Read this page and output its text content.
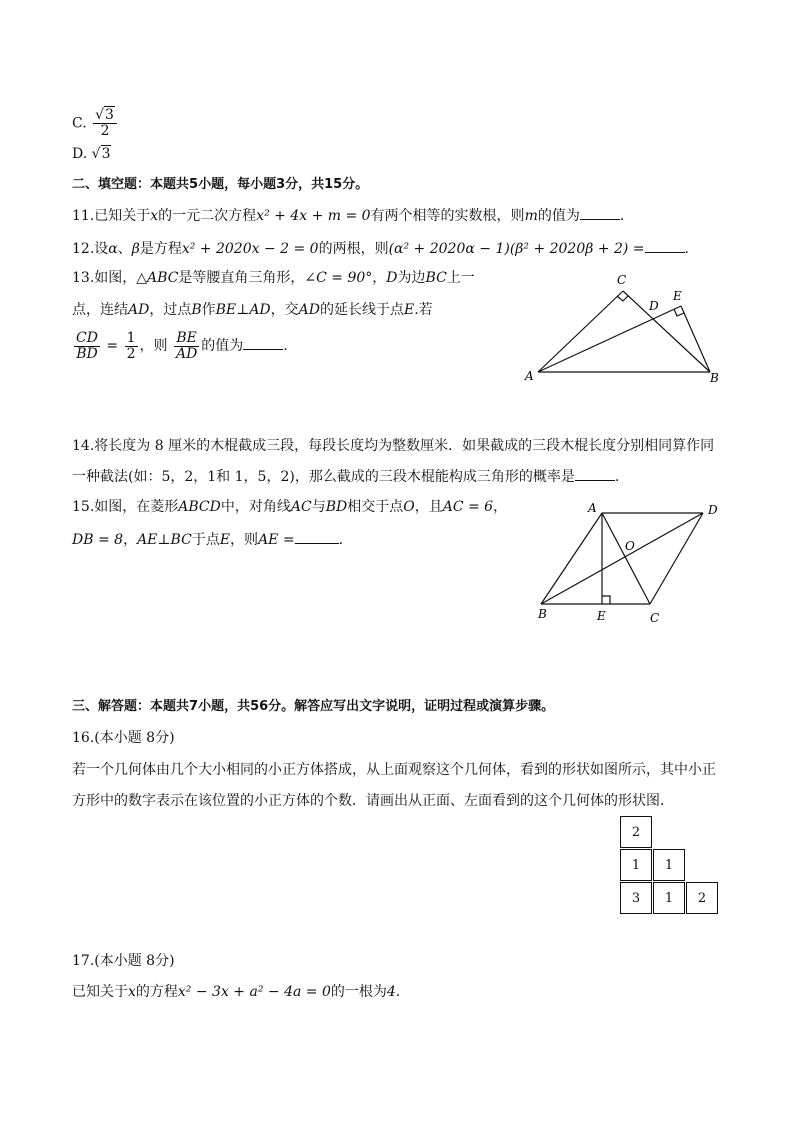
C. $\frac{√3}{2}$
D. √3
二、填空题：本题共5小题，每小题3分，共15分。
11.已知关于x的一元二次方程x² + 4x + m = 0有两个相等的实数根，则m的值为	.
12.设α、β是方程x² + 2020x − 2 = 0的两根，则(α² + 2020α − 1)(β² + 2020β + 2) =	.
13.如图，△ABC是等腰直角三角形，∠C = 90°，D为边BC上一
点，连结AD，过点B作BE⊥AD，交AD的延长线于点E.若
$\frac{CD}{BD} = \frac{1}{2}$ ，则 $\frac{BE}{AD}$ 的值为	.
C
D
E
A	B
14.将长度为 8 厘米的木棍截成三段，每段长度均为整数厘米．如果截成的三段木棍长度分别相同算作同
一种截法(如：5，2，1和 1，5，2)，那么截成的三段木棍能构成三角形的概率是	.
15.如图，在菱形ABCD中，对角线AC与BD相交于点O，且AC = 6，
DB = 8，AE⊥BC于点E，则AE =	.
A	D
O
B	E	C
三、解答题：本题共7小题，共56分。解答应写出文字说明，证明过程或演算步骤。
16.(本小题 8分)
若一个几何体由几个大小相同的小正方体搭成，从上面观察这个几何体，看到的形状如图所示，其中小正
方形中的数字表示在该位置的小正方体的个数．请画出从正面、左面看到的这个几何体的形状图．
2
1	1
3	1	2
17.(本小题 8分)
已知关于x的方程x² − 3x + a² − 4a = 0的一根为4.
